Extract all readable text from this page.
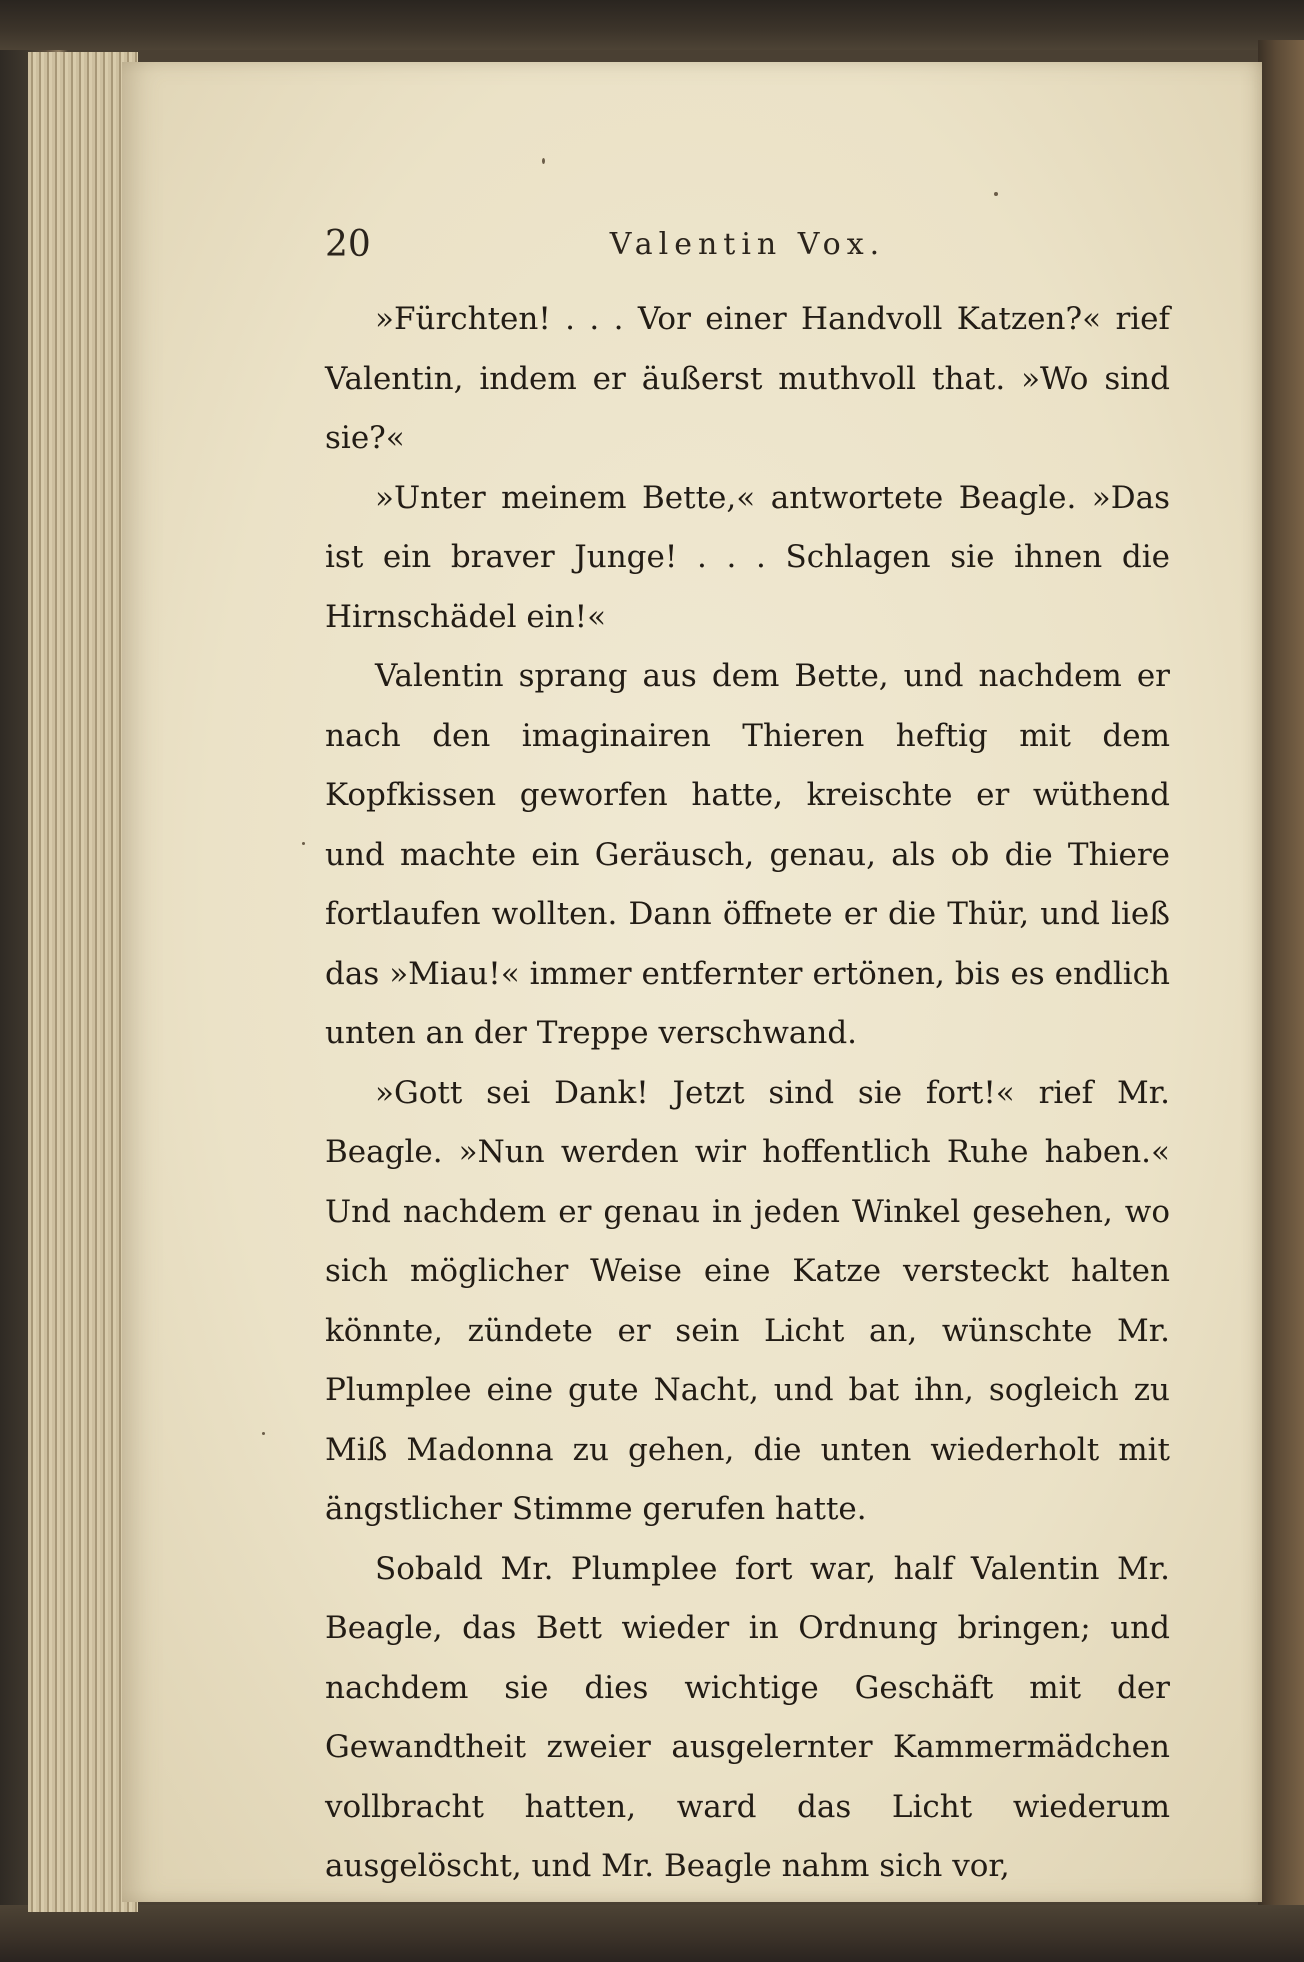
20	Valentin Vox.

»Fürchten! . . . Vor einer Handvoll Katzen?« rief Valentin, indem er äußerst muthvoll that. »Wo sind sie?«

»Unter meinem Bette,« antwortete Beagle. »Das ist ein braver Junge! . . . Schlagen sie ihnen die Hirnschädel ein!«

Valentin sprang aus dem Bette, und nachdem er nach den imaginairen Thieren heftig mit dem Kopfkissen geworfen hatte, kreischte er wüthend und machte ein Geräusch, genau, als ob die Thiere fortlaufen wollten. Dann öffnete er die Thür, und ließ das »Miau!« immer entfernter ertönen, bis es endlich unten an der Treppe verschwand.

»Gott sei Dank! Jetzt sind sie fort!« rief Mr. Beagle. »Nun werden wir hoffentlich Ruhe haben.« Und nachdem er genau in jeden Winkel gesehen, wo sich möglicher Weise eine Katze versteckt halten könnte, zündete er sein Licht an, wünschte Mr. Plumplee eine gute Nacht, und bat ihn, sogleich zu Miß Madonna zu gehen, die unten wiederholt mit ängstlicher Stimme gerufen hatte.

Sobald Mr. Plumplee fort war, half Valentin Mr. Beagle, das Bett wieder in Ordnung bringen; und nachdem sie dies wichtige Geschäft mit der Gewandtheit zweier ausgelernter Kammermädchen vollbracht hatten, ward das Licht wiederum ausgelöscht, und Mr. Beagle nahm sich vor,
